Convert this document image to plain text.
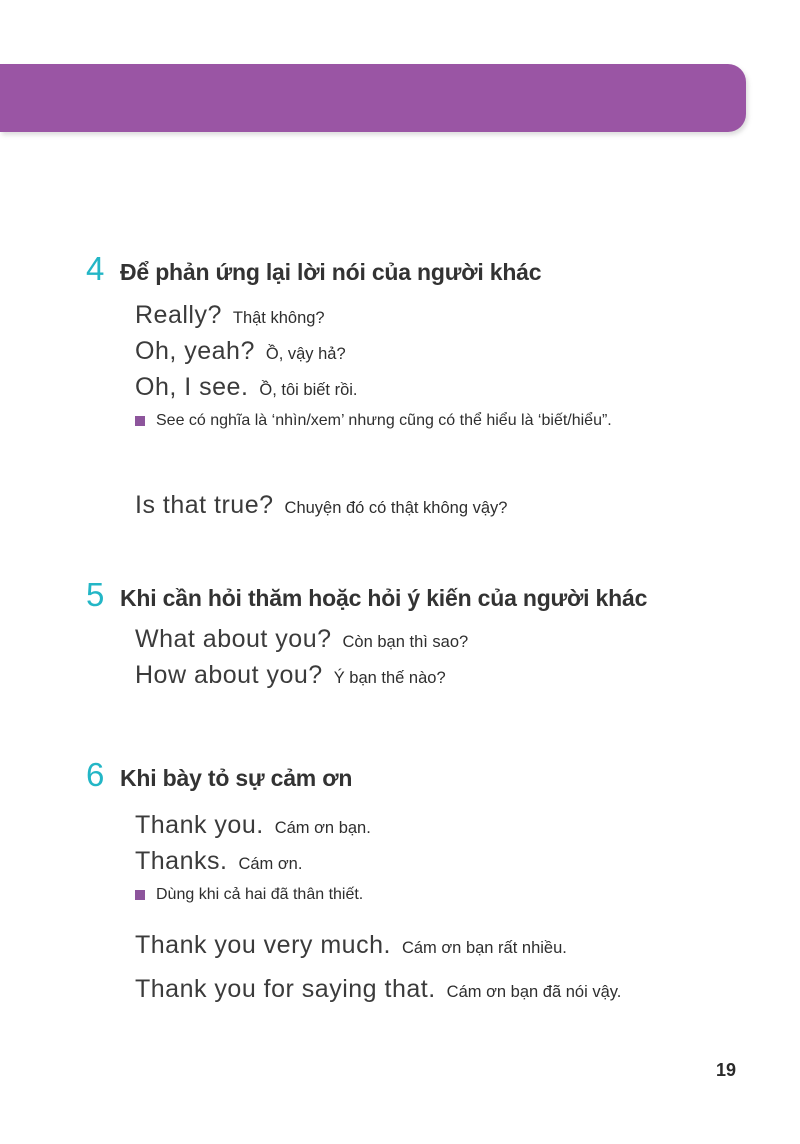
4 Để phản ứng lại lời nói của người khác
Really? Thật không?
Oh, yeah? Ồ, vậy hả?
Oh, I see. Ồ, tôi biết rồi.
See có nghĩa là ‘nhìn/xem’ nhưng cũng có thể hiểu là ‘biết/hiểu”.
Is that true? Chuyện đó có thật không vậy?
5 Khi cần hỏi thăm hoặc hỏi ý kiến của người khác
What about you? Còn bạn thì sao?
How about you? Ý bạn thế nào?
6 Khi bày tỏ sự cảm ơn
Thank you. Cám ơn bạn.
Thanks. Cám ơn.
Dùng khi cả hai đã thân thiết.
Thank you very much. Cám ơn bạn rất nhiều.
Thank you for saying that. Cám ơn bạn đã nói vậy.
19
